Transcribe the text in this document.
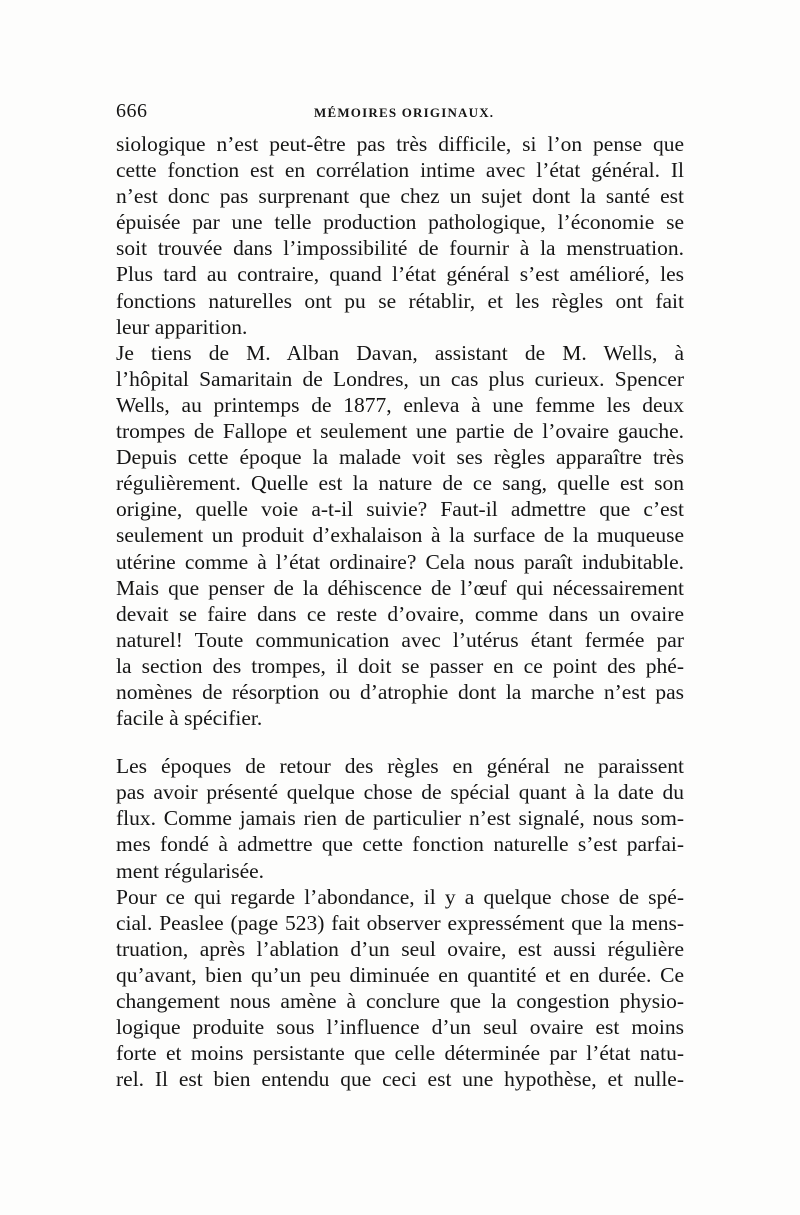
666	MÉMOIRES ORIGINAUX.
siologique n’est peut-être pas très difficile, si l’on pense que
cette fonction est en corrélation intime avec l’état général. Il
n’est donc pas surprenant que chez un sujet dont la santé est
épuisée par une telle production pathologique, l’économie se
soit trouvée dans l’impossibilité de fournir à la menstruation.
Plus tard au contraire, quand l’état général s’est amélioré, les
fonctions naturelles ont pu se rétablir, et les règles ont fait
leur apparition.
Je tiens de M. Alban Davan, assistant de M. Wells, à
l’hôpital Samaritain de Londres, un cas plus curieux. Spencer
Wells, au printemps de 1877, enleva à une femme les deux
trompes de Fallope et seulement une partie de l’ovaire gauche.
Depuis cette époque la malade voit ses règles apparaître très
régulièrement. Quelle est la nature de ce sang, quelle est son
origine, quelle voie a-t-il suivie? Faut-il admettre que c’est
seulement un produit d’exhalaison à la surface de la muqueuse
utérine comme à l’état ordinaire? Cela nous paraît indubitable.
Mais que penser de la déhiscence de l’œuf qui nécessairement
devait se faire dans ce reste d’ovaire, comme dans un ovaire
naturel! Toute communication avec l’utérus étant fermée par
la section des trompes, il doit se passer en ce point des phé-
nomènes de résorption ou d’atrophie dont la marche n’est pas
facile à spécifier.
Les époques de retour des règles en général ne paraissent
pas avoir présenté quelque chose de spécial quant à la date du
flux. Comme jamais rien de particulier n’est signalé, nous som-
mes fondé à admettre que cette fonction naturelle s’est parfai-
ment régularisée.
Pour ce qui regarde l’abondance, il y a quelque chose de spé-
cial. Peaslee (page 523) fait observer expressément que la mens-
truation, après l’ablation d’un seul ovaire, est aussi régulière
qu’avant, bien qu’un peu diminuée en quantité et en durée. Ce
changement nous amène à conclure que la congestion physio-
logique produite sous l’influence d’un seul ovaire est moins
forte et moins persistante que celle déterminée par l’état natu-
rel. Il est bien entendu que ceci est une hypothèse, et nulle-
